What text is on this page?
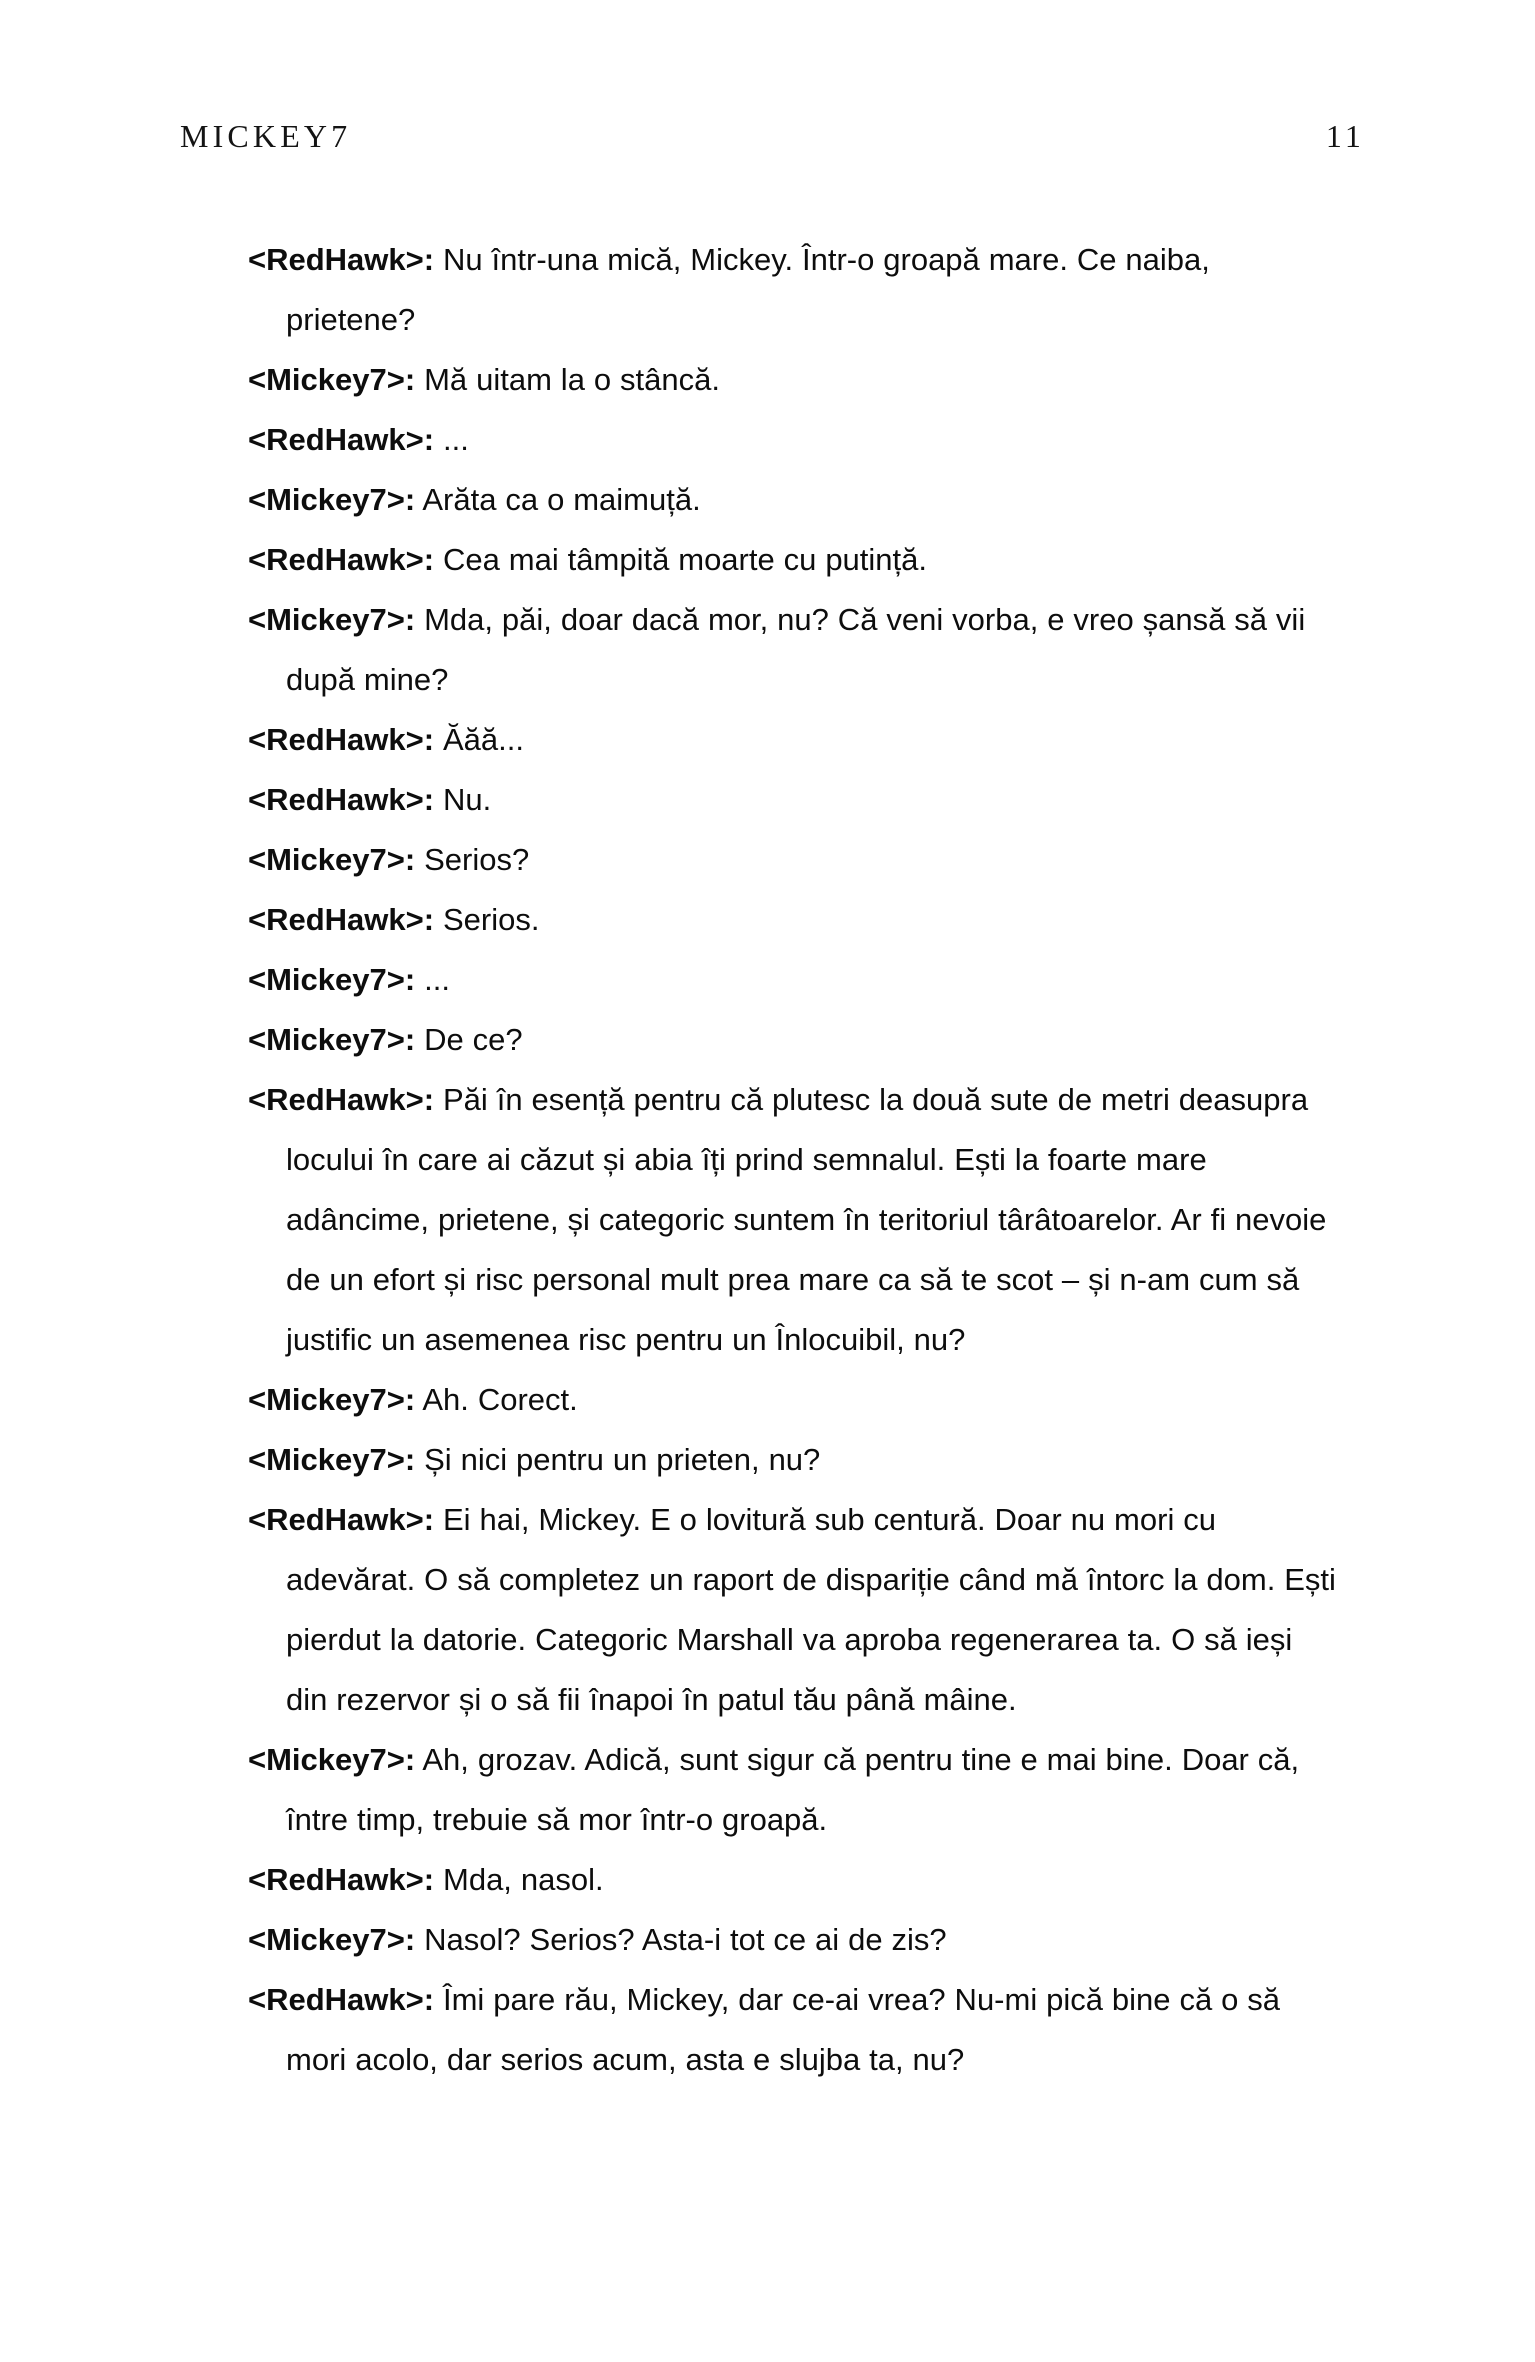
MICKEY7	11

<RedHawk>: Nu într-una mică, Mickey. Într-o groapă mare. Ce naiba, prietene?

<Mickey7>: Mă uitam la o stâncă.

<RedHawk>: ...

<Mickey7>: Arăta ca o maimuță.

<RedHawk>: Cea mai tâmpită moarte cu putință.

<Mickey7>: Mda, păi, doar dacă mor, nu? Că veni vorba, e vreo șansă să vii după mine?

<RedHawk>: Ăăă...

<RedHawk>: Nu.

<Mickey7>: Serios?

<RedHawk>: Serios.

<Mickey7>: ...

<Mickey7>: De ce?

<RedHawk>: Păi în esență pentru că plutesc la două sute de metri deasupra locului în care ai căzut și abia îți prind semnalul. Ești la foarte mare adâncime, prietene, și categoric suntem în teritoriul târâtoarelor. Ar fi nevoie de un efort și risc personal mult prea mare ca să te scot – și n-am cum să justific un asemenea risc pentru un Înlocuibil, nu?

<Mickey7>: Ah. Corect.

<Mickey7>: Și nici pentru un prieten, nu?

<RedHawk>: Ei hai, Mickey. E o lovitură sub centură. Doar nu mori cu adevărat. O să completez un raport de dispariție când mă întorc la dom. Ești pierdut la datorie. Categoric Marshall va aproba regenerarea ta. O să ieși din rezervor și o să fii înapoi în patul tău până mâine.

<Mickey7>: Ah, grozav. Adică, sunt sigur că pentru tine e mai bine. Doar că, între timp, trebuie să mor într-o groapă.

<RedHawk>: Mda, nasol.

<Mickey7>: Nasol? Serios? Asta-i tot ce ai de zis?

<RedHawk>: Îmi pare rău, Mickey, dar ce-ai vrea? Nu-mi pică bine că o să mori acolo, dar serios acum, asta e slujba ta, nu?
